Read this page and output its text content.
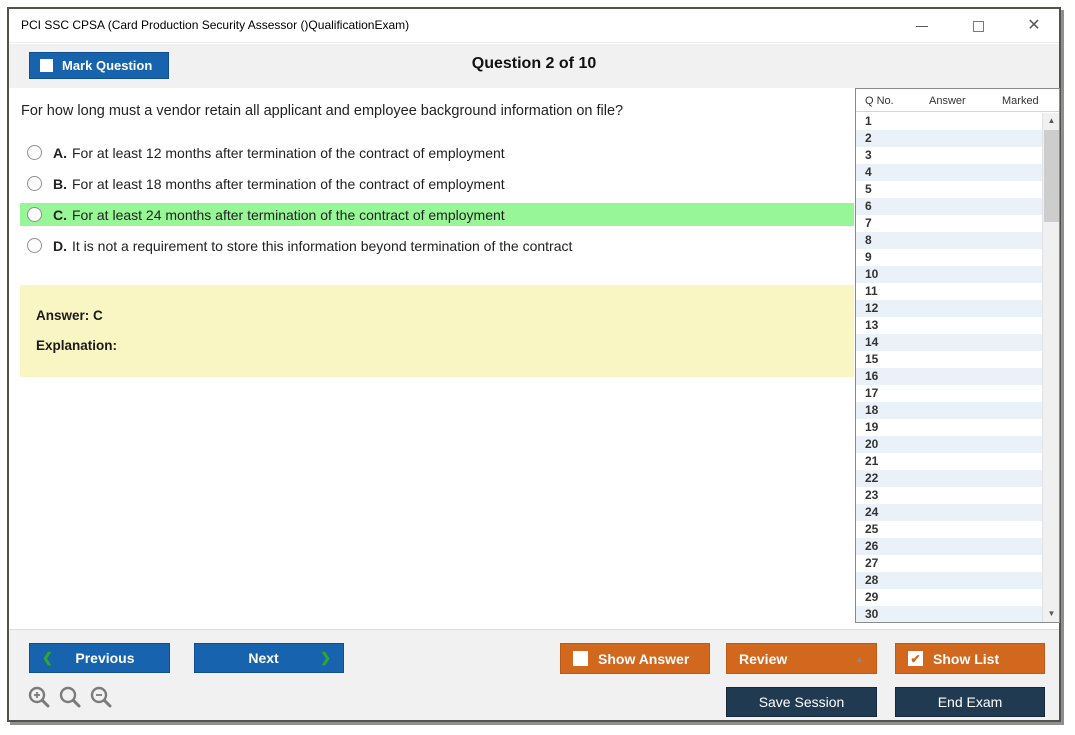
PCI SSC CPSA (Card Production Security Assessor ()QualificationExam)	✕
Mark Question	Question 2 of 10
For how long must a vendor retain all applicant and employee background information on file?
A. For at least 12 months after termination of the contract of employment
B. For at least 18 months after termination of the contract of employment
C. For at least 24 months after termination of the contract of employment
D. It is not a requirement to store this information beyond termination of the contract
Answer: C
Explanation:
Q No.	Answer	Marked
1
2
3
4
5
6
7
8
9
10
11
12
13
14
15
16
17
18
19
20
21
22
23
24
25
26
27
28
29
30
▲
▼
❮	Previous	Next	❯	Show Answer	Review	▲	✔ Show List
Save Session	End Exam
